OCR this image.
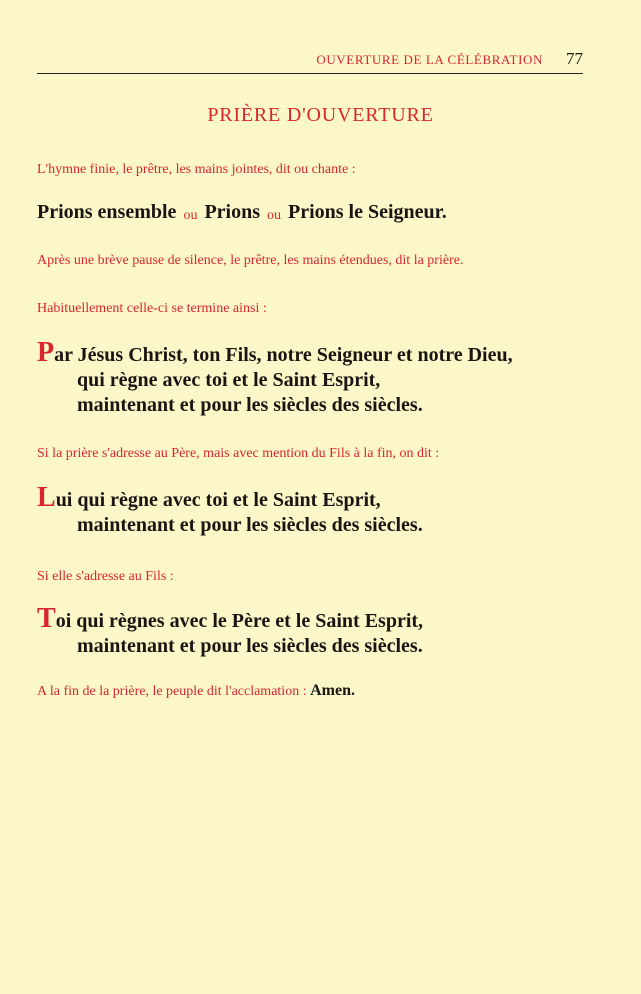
OUVERTURE DE LA CÉLÉBRATION 77
PRIÈRE D'OUVERTURE
L'hymne finie, le prêtre, les mains jointes, dit ou chante :
Prions ensemble ou Prions ou Prions le Seigneur.
Après une brève pause de silence, le prêtre, les mains étendues, dit la prière.
Habituellement celle-ci se termine ainsi :
Par Jésus Christ, ton Fils, notre Seigneur et notre Dieu,
qui règne avec toi et le Saint Esprit,
maintenant et pour les siècles des siècles.
Si la prière s'adresse au Père, mais avec mention du Fils à la fin, on dit :
Lui qui règne avec toi et le Saint Esprit,
maintenant et pour les siècles des siècles.
Si elle s'adresse au Fils :
Toi qui règnes avec le Père et le Saint Esprit,
maintenant et pour les siècles des siècles.
A la fin de la prière, le peuple dit l'acclamation : Amen.
